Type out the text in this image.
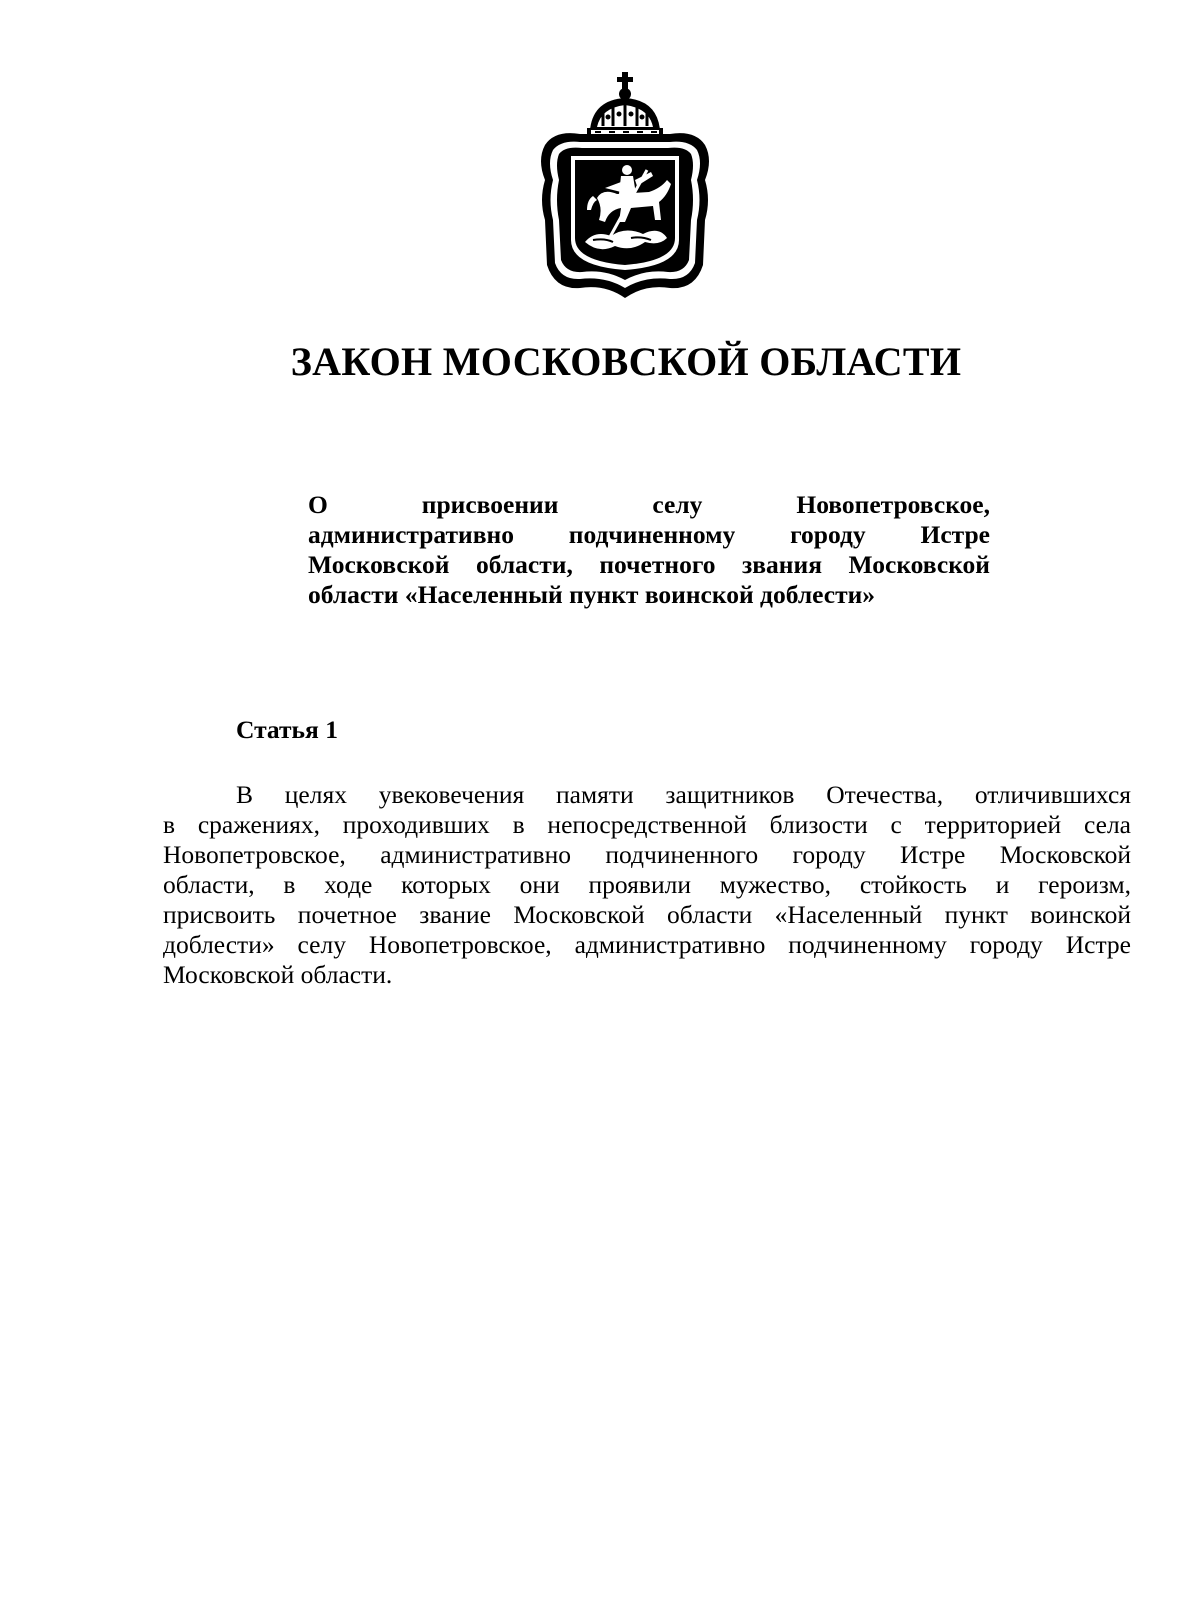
ЗАКОН МОСКОВСКОЙ ОБЛАСТИ
О присвоении селу Новопетровское,
административно подчиненному городу Истре
Московской области, почетного звания Московской
области «Населенный пункт воинской доблести»
Статья 1
В целях увековечения памяти защитников Отечества, отличившихся
в сражениях, проходивших в непосредственной близости с территорией села
Новопетровское, административно подчиненного городу Истре Московской
области, в ходе которых они проявили мужество, стойкость и героизм,
присвоить почетное звание Московской области «Населенный пункт воинской
доблести» селу Новопетровское, административно подчиненному городу Истре
Московской области.
